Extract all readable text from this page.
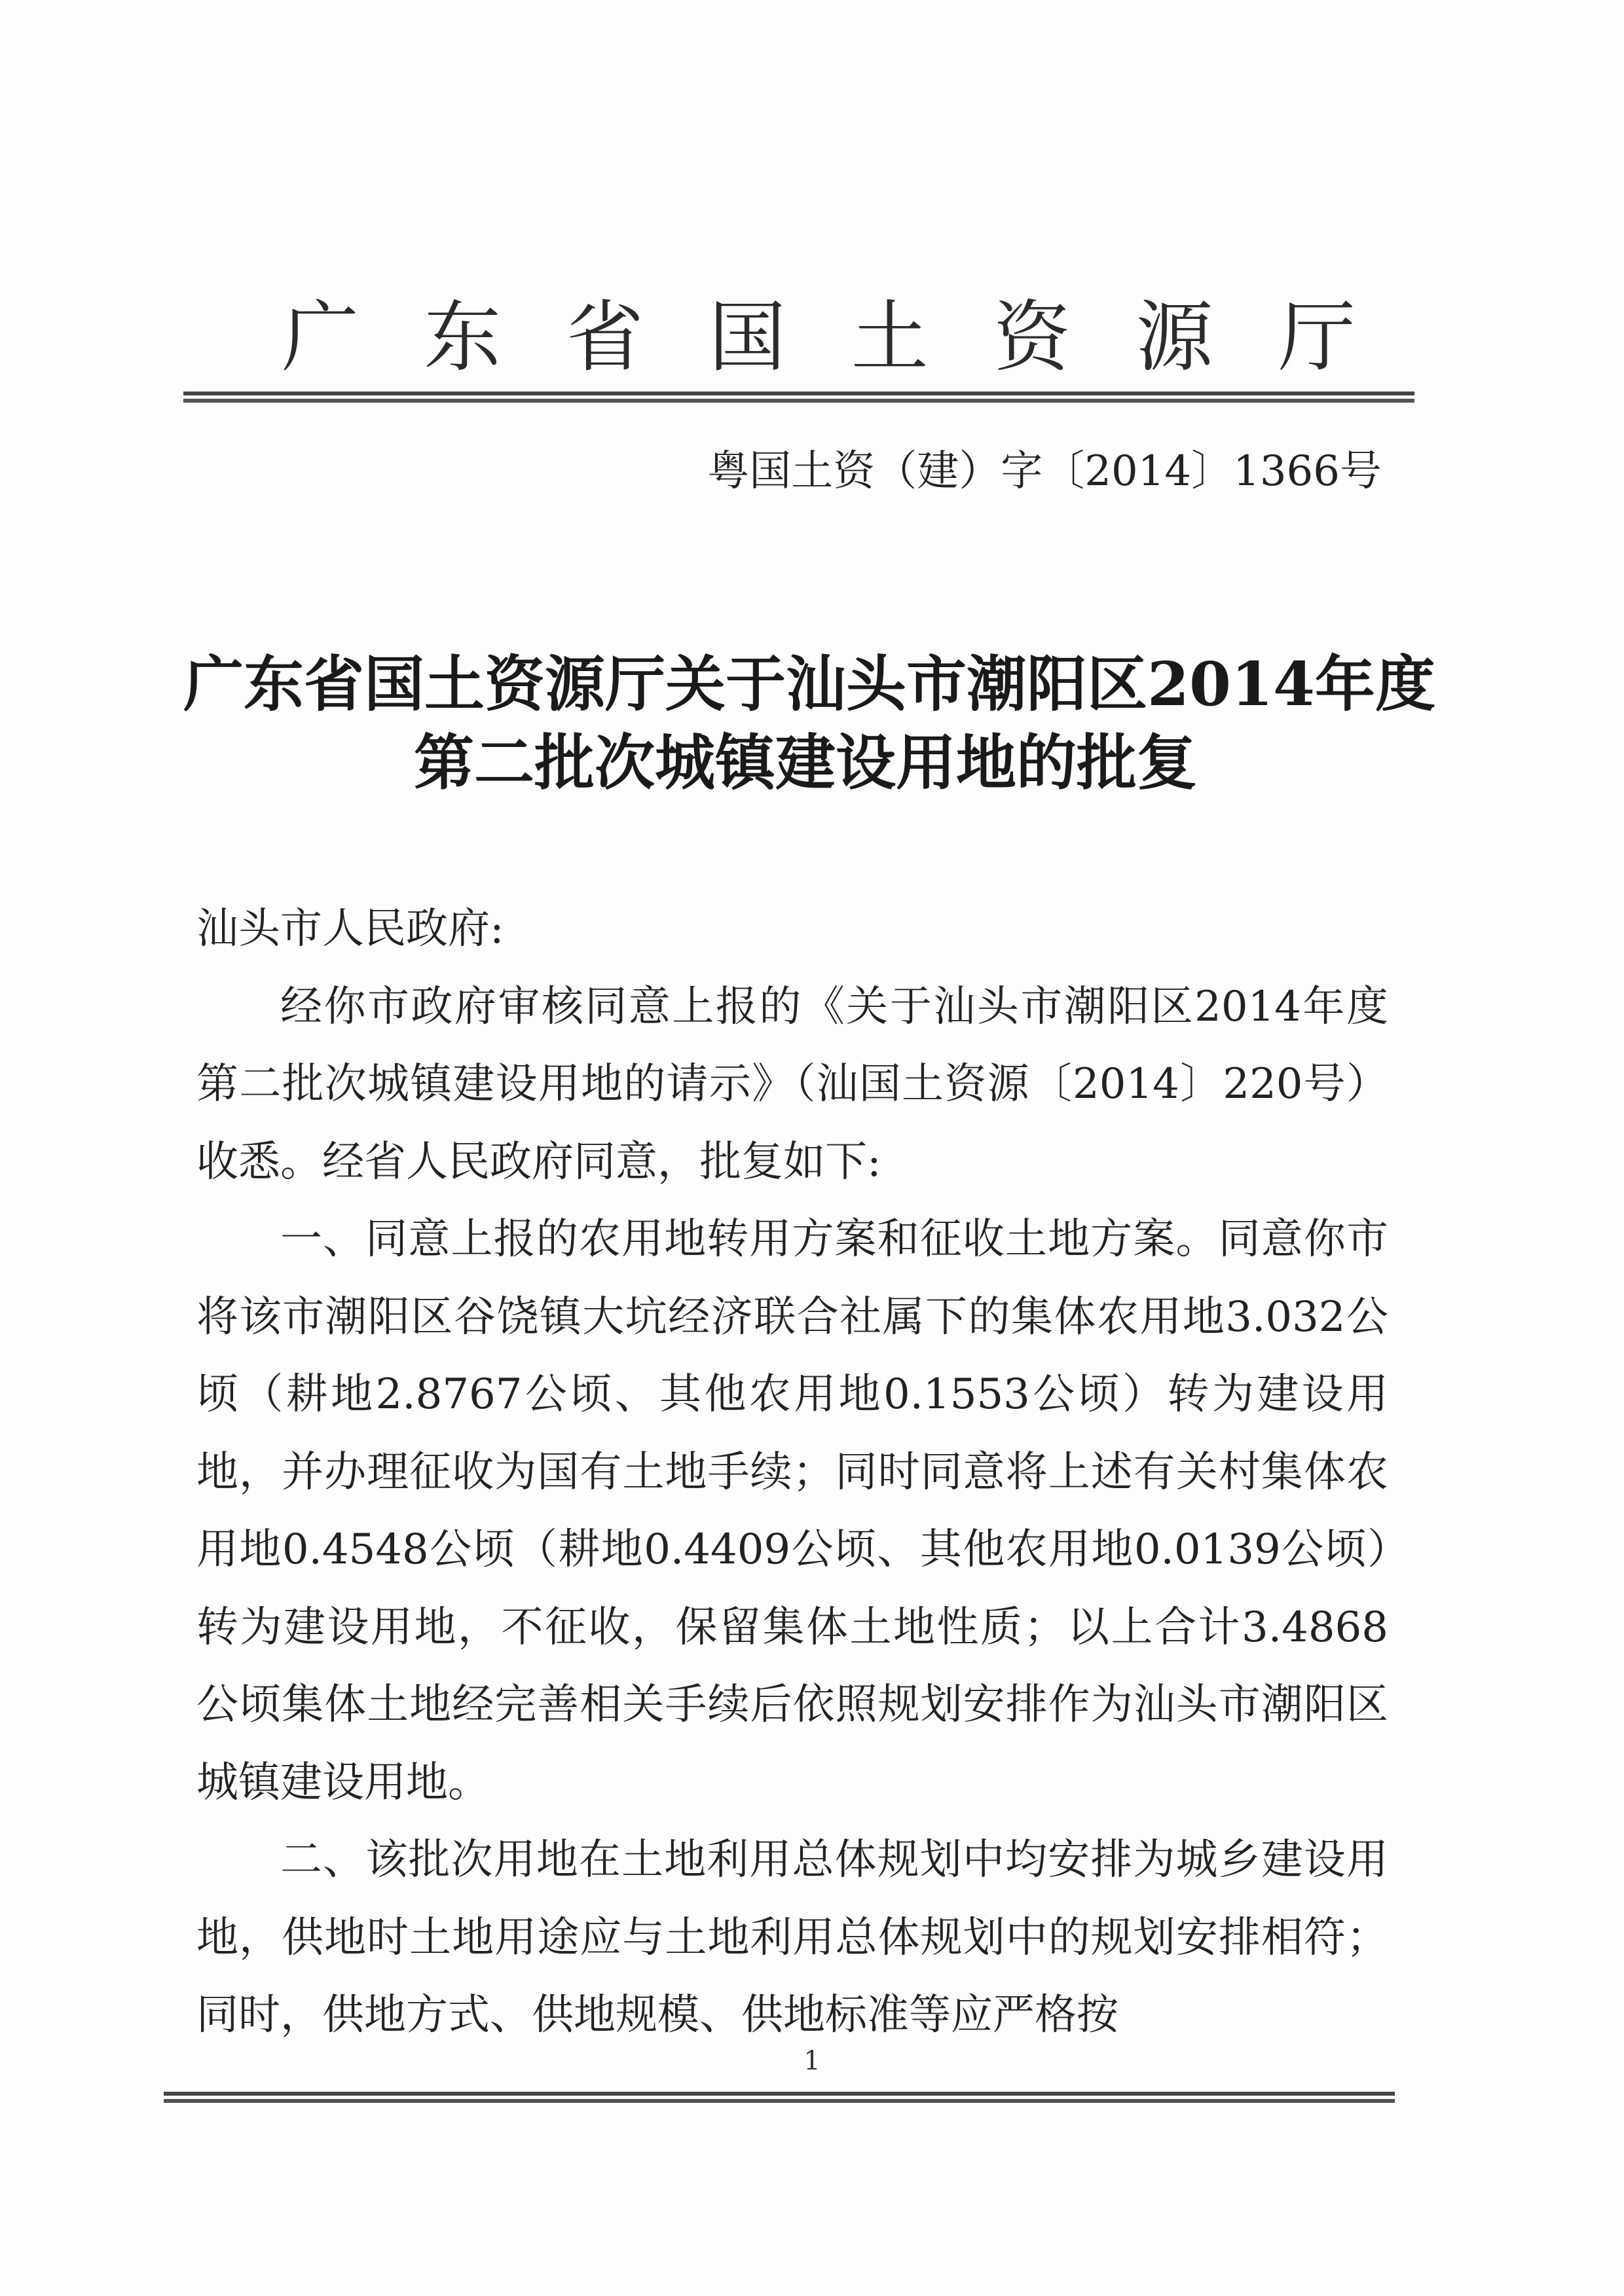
广 东 省 国 土 资 源 厅
粤国土资（建）字〔2014〕1366号
广东省国土资源厅关于汕头市潮阳区2014年度
第二批次城镇建设用地的批复

汕头市人民政府:

经你市政府审核同意上报的《关于汕头市潮阳区2014年度第二批次城镇建设用地的请示》（汕国土资源〔2014〕220号）收悉。经省人民政府同意，批复如下:

一、同意上报的农用地转用方案和征收土地方案。同意你市将该市潮阳区谷饶镇大坑经济联合社属下的集体农用地3.032公顷（耕地2.8767公顷、其他农用地0.1553公顷）转为建设用地，并办理征收为国有土地手续；同时同意将上述有关村集体农用地0.4548公顷（耕地0.4409公顷、其他农用地0.0139公顷）转为建设用地，不征收，保留集体土地性质；以上合计3.4868公顷集体土地经完善相关手续后依照规划安排作为汕头市潮阳区城镇建设用地。

二、该批次用地在土地利用总体规划中均安排为城乡建设用地，供地时土地用途应与土地利用总体规划中的规划安排相符；同时，供地方式、供地规模、供地标准等应严格按

1
